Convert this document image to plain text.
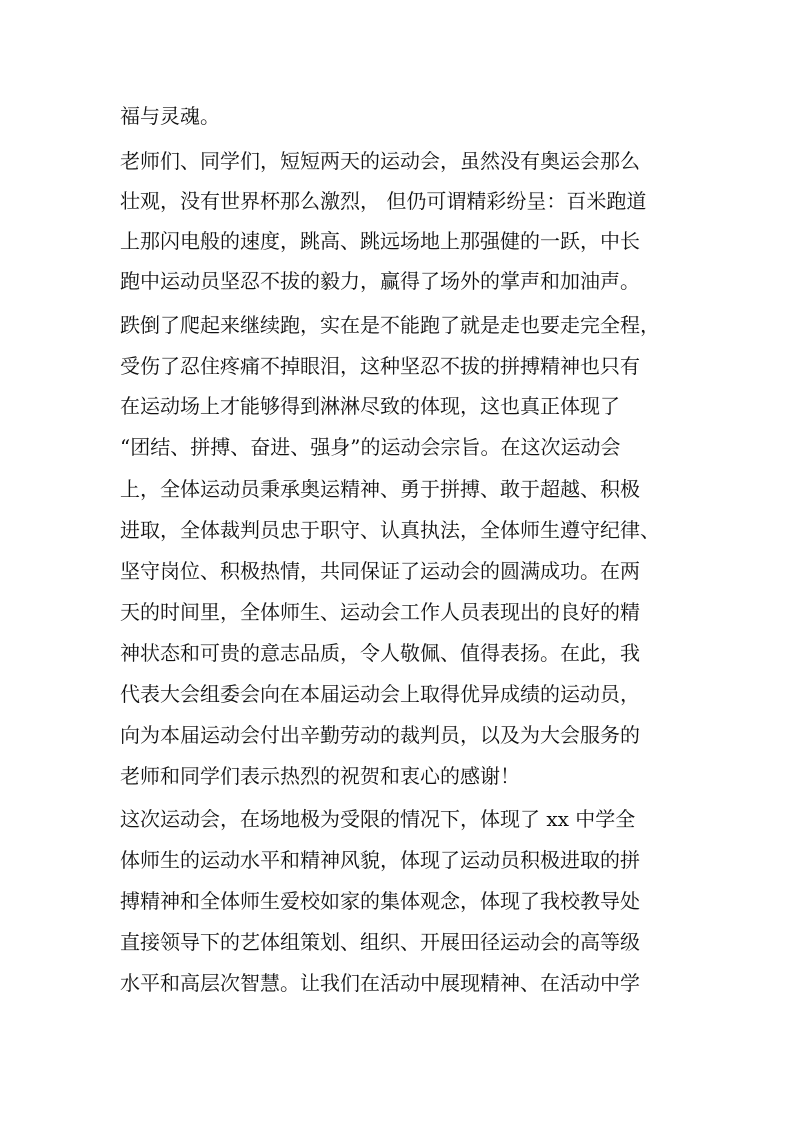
福与灵魂。
老师们、同学们，短短两天的运动会，虽然没有奥运会那么
壮观，没有世界杯那么激烈， 但仍可谓精彩纷呈：百米跑道
上那闪电般的速度，跳高、跳远场地上那强健的一跃，中长
跑中运动员坚忍不拔的毅力，赢得了场外的掌声和加油声。
跌倒了爬起来继续跑，实在是不能跑了就是走也要走完全程，
受伤了忍住疼痛不掉眼泪，这种坚忍不拔的拼搏精神也只有
在运动场上才能够得到淋淋尽致的体现，这也真正体现了
“团结、拼搏、奋进、强身”的运动会宗旨。在这次运动会
上，全体运动员秉承奥运精神、勇于拼搏、敢于超越、积极
进取，全体裁判员忠于职守、认真执法，全体师生遵守纪律、
坚守岗位、积极热情，共同保证了运动会的圆满成功。在两
天的时间里，全体师生、运动会工作人员表现出的良好的精
神状态和可贵的意志品质，令人敬佩、值得表扬。在此，我
代表大会组委会向在本届运动会上取得优异成绩的运动员，
向为本届运动会付出辛勤劳动的裁判员，以及为大会服务的
老师和同学们表示热烈的祝贺和衷心的感谢！
这次运动会，在场地极为受限的情况下，体现了 xx 中学全
体师生的运动水平和精神风貌，体现了运动员积极进取的拼
搏精神和全体师生爱校如家的集体观念，体现了我校教导处
直接领导下的艺体组策划、组织、开展田径运动会的高等级
水平和高层次智慧。让我们在活动中展现精神、在活动中学
